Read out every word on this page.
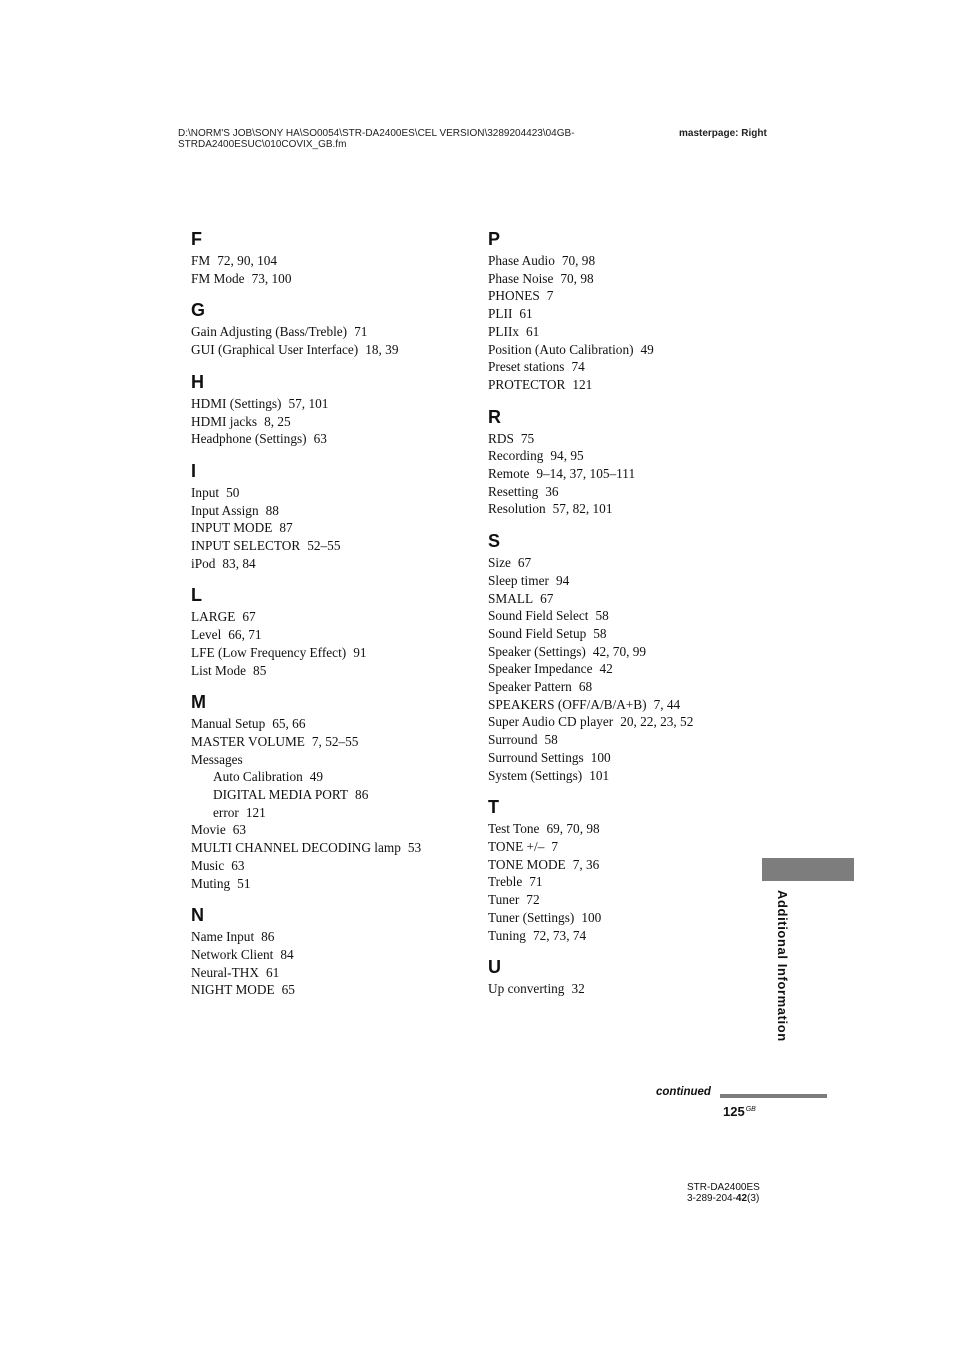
D:\NORM'S JOB\SONY HA\SO0054\STR-DA2400ES\CEL VERSION\3289204423\04GB-STRDA2400ESUC\010COVIX_GB.fm
masterpage: Right
F
FM 72, 90, 104
FM Mode 73, 100
G
Gain Adjusting (Bass/Treble) 71
GUI (Graphical User Interface) 18, 39
H
HDMI (Settings) 57, 101
HDMI jacks 8, 25
Headphone (Settings) 63
I
Input 50
Input Assign 88
INPUT MODE 87
INPUT SELECTOR 52–55
iPod 83, 84
L
LARGE 67
Level 66, 71
LFE (Low Frequency Effect) 91
List Mode 85
M
Manual Setup 65, 66
MASTER VOLUME 7, 52–55
Messages
Auto Calibration 49
DIGITAL MEDIA PORT 86
error 121
Movie 63
MULTI CHANNEL DECODING lamp 53
Music 63
Muting 51
N
Name Input 86
Network Client 84
Neural-THX 61
NIGHT MODE 65
P
Phase Audio 70, 98
Phase Noise 70, 98
PHONES 7
PLII 61
PLIIx 61
Position (Auto Calibration) 49
Preset stations 74
PROTECTOR 121
R
RDS 75
Recording 94, 95
Remote 9–14, 37, 105–111
Resetting 36
Resolution 57, 82, 101
S
Size 67
Sleep timer 94
SMALL 67
Sound Field Select 58
Sound Field Setup 58
Speaker (Settings) 42, 70, 99
Speaker Impedance 42
Speaker Pattern 68
SPEAKERS (OFF/A/B/A+B) 7, 44
Super Audio CD player 20, 22, 23, 52
Surround 58
Surround Settings 100
System (Settings) 101
T
Test Tone 69, 70, 98
TONE +/– 7
TONE MODE 7, 36
Treble 71
Tuner 72
Tuner (Settings) 100
Tuning 72, 73, 74
U
Up converting 32	Additional Information
continued
$125^{GB}$
STR-DA2400ES
3-289-204-42(3)
